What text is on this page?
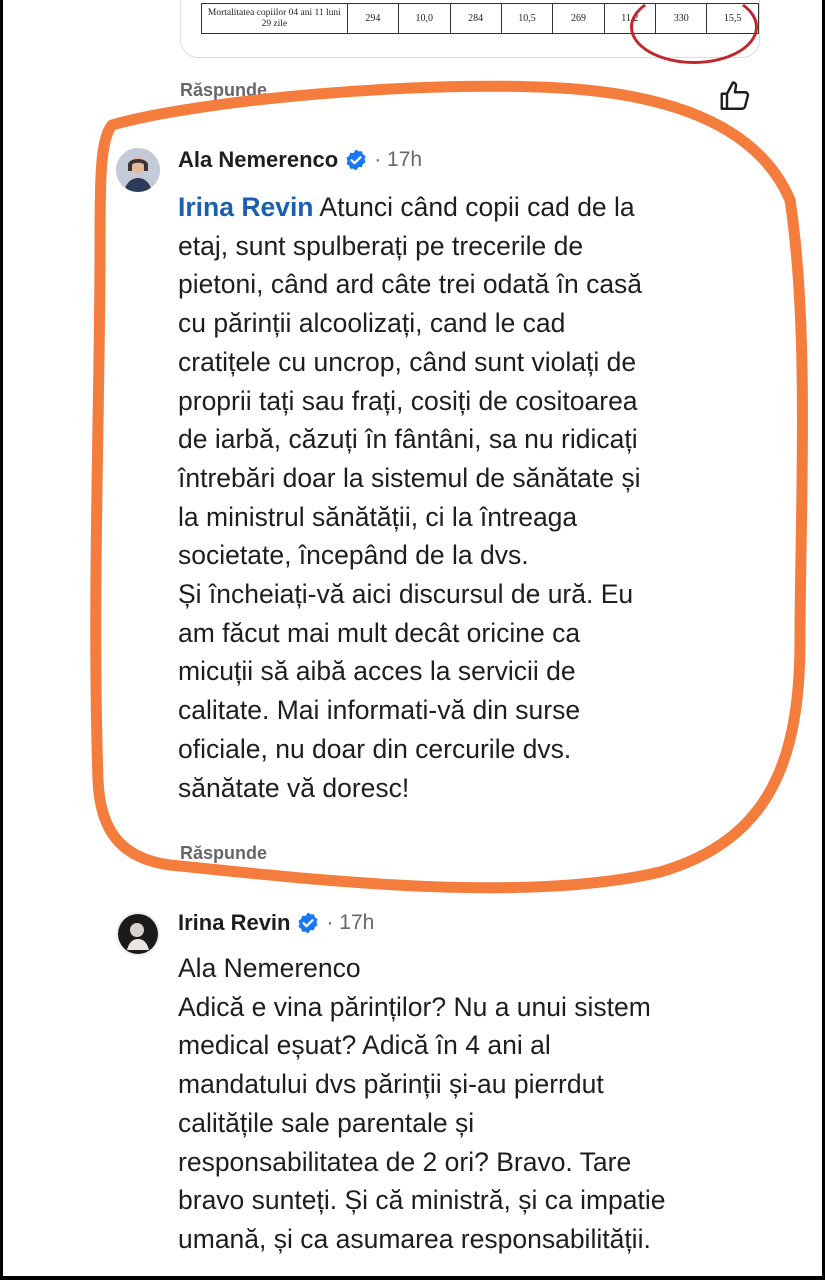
Mortalitatea copiilor 04 ani 11 luni 29 zile	294	10,0	284	10,5	269	11,2	330	15,5
Răspunde
Ala Nemerenco · 17h
Irina Revin Atunci când copii cad de la
etaj, sunt spulberați pe trecerile de
pietoni, când ard câte trei odată în casă
cu părinții alcoolizați, cand le cad
cratițele cu uncrop, când sunt violați de
proprii tați sau frați, cosiți de cositoarea
de iarbă, căzuți în fântâni, sa nu ridicați
întrebări doar la sistemul de sănătate și
la ministrul sănătății, ci la întreaga
societate, începând de la dvs.
Și încheiați-vă aici discursul de ură. Eu
am făcut mai mult decât oricine ca
micuții să aibă acces la servicii de
calitate. Mai informati-vă din surse
oficiale, nu doar din cercurile dvs.
sănătate vă doresc!
Răspunde
Irina Revin · 17h
Ala Nemerenco
Adică e vina părinților? Nu a unui sistem
medical eșuat? Adică în 4 ani al
mandatului dvs părinții și-au pierrdut
calitățile sale parentale și
responsabilitatea de 2 ori? Bravo. Tare
bravo sunteți. Și că ministră, și ca impatie
umană, și ca asumarea responsabilității.
